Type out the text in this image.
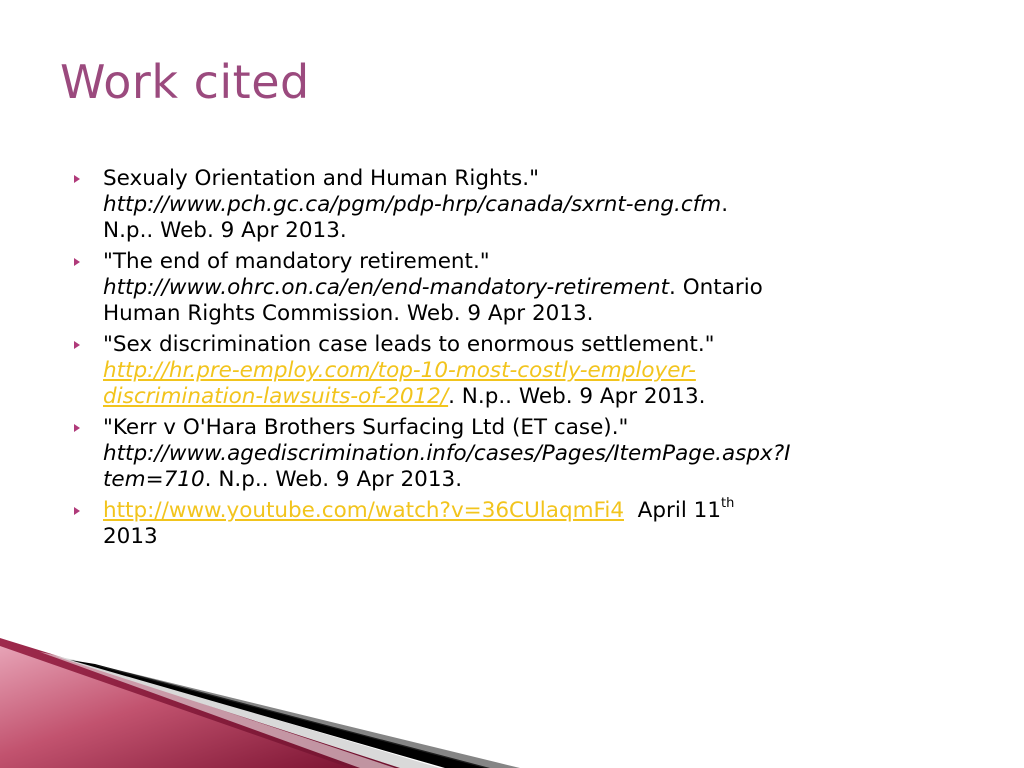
Work cited
Sexualy Orientation and Human Rights."
http://www.pch.gc.ca/pgm/pdp-hrp/canada/sxrnt-eng.cfm.
N.p.. Web. 9 Apr 2013.
"The end of mandatory retirement."
http://www.ohrc.on.ca/en/end-mandatory-retirement. Ontario
Human Rights Commission. Web. 9 Apr 2013.
"Sex discrimination case leads to enormous settlement."
http://hr.pre-employ.com/top-10-most-costly-employer-
discrimination-lawsuits-of-2012/. N.p.. Web. 9 Apr 2013.
"Kerr v O'Hara Brothers Surfacing Ltd (ET case)."
http://www.agediscrimination.info/cases/Pages/ItemPage.aspx?I
tem=710. N.p.. Web. 9 Apr 2013.
http://www.youtube.com/watch?v=36CUlaqmFi4 April 11th
2013
